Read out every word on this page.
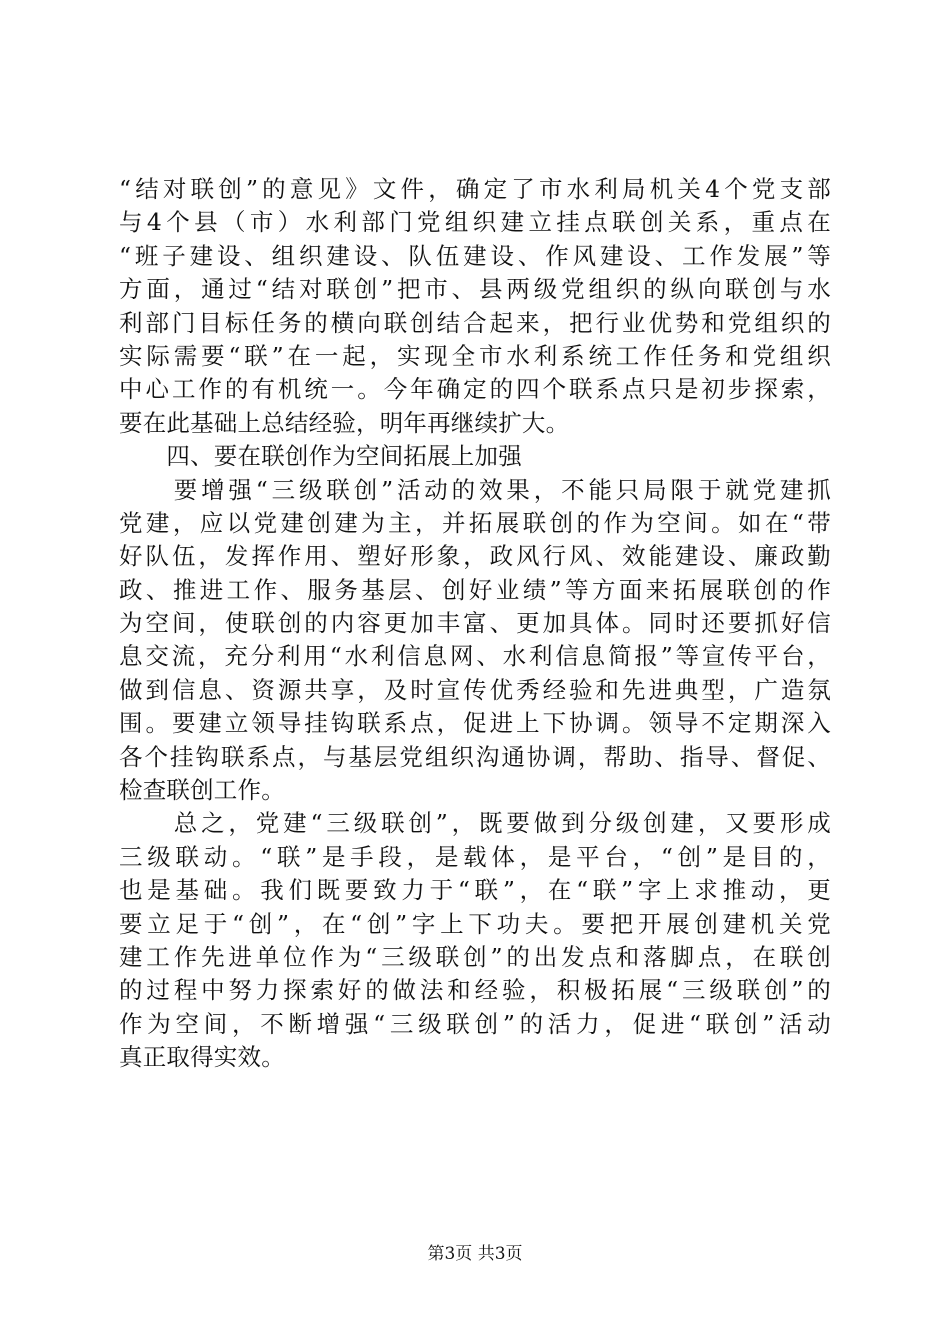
“结对联创”的意见》文件，确定了市水利局机关4个党支部
与4个县（市）水利部门党组织建立挂点联创关系，重点在
“班子建设、组织建设、队伍建设、作风建设、工作发展”等
方面，通过“结对联创”把市、县两级党组织的纵向联创与水
利部门目标任务的横向联创结合起来，把行业优势和党组织的
实际需要“联”在一起，实现全市水利系统工作任务和党组织
中心工作的有机统一。今年确定的四个联系点只是初步探索，
要在此基础上总结经验，明年再继续扩大。
　　四、要在联创作为空间拓展上加强
　　要增强“三级联创”活动的效果，不能只局限于就党建抓
党建，应以党建创建为主，并拓展联创的作为空间。如在“带
好队伍，发挥作用、塑好形象，政风行风、效能建设、廉政勤
政、推进工作、服务基层、创好业绩”等方面来拓展联创的作
为空间，使联创的内容更加丰富、更加具体。同时还要抓好信
息交流，充分利用“水利信息网、水利信息简报”等宣传平台，
做到信息、资源共享，及时宣传优秀经验和先进典型，广造氛
围。要建立领导挂钩联系点，促进上下协调。领导不定期深入
各个挂钩联系点，与基层党组织沟通协调，帮助、指导、督促、
检查联创工作。
　　总之，党建“三级联创”，既要做到分级创建，又要形成
三级联动。“联”是手段，是载体，是平台，“创”是目的，
也是基础。我们既要致力于“联”，在“联”字上求推动，更
要立足于“创”，在“创”字上下功夫。要把开展创建机关党
建工作先进单位作为“三级联创”的出发点和落脚点，在联创
的过程中努力探索好的做法和经验，积极拓展“三级联创”的
作为空间，不断增强“三级联创”的活力，促进“联创”活动
真正取得实效。
第3页 共3页
